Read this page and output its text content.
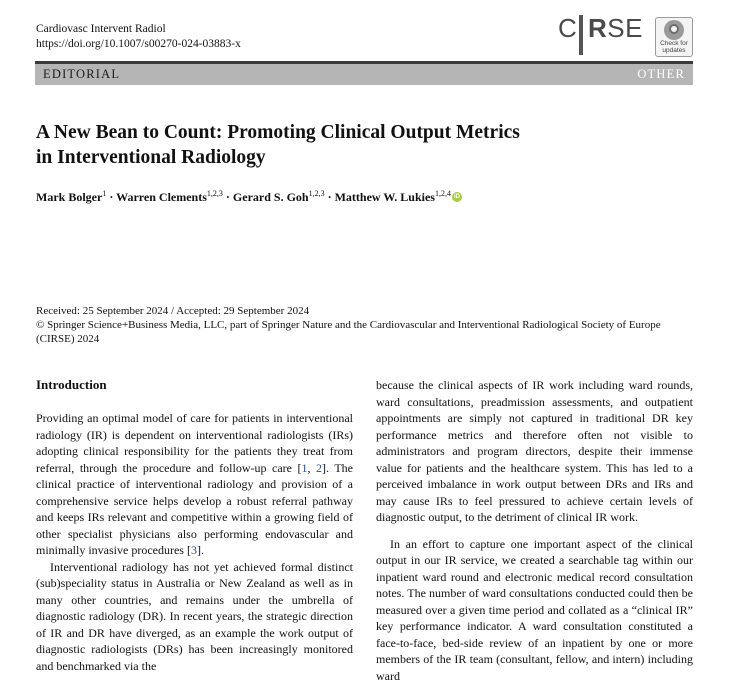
Cardiovasc Intervent Radiol
https://doi.org/10.1007/s00270-024-03883-x
C RSE
Check for
updates
EDITORIAL	OTHER
A New Bean to Count: Promoting Clinical Output Metrics
in Interventional Radiology
Mark Bolger$^1$ · Warren Clements$^{1,2,3}$ · Gerard S. Goh$^{1,2,3}$ · Matthew W. Lukies$^{1,2,4}$iD
Received: 25 September 2024 / Accepted: 29 September 2024
© Springer Science+Business Media, LLC, part of Springer Nature and the Cardiovascular and Interventional Radiological Society of Europe (CIRSE) 2024

Introduction

Providing an optimal model of care for patients in interventional radiology (IR) is dependent on interventional radiologists (IRs) adopting clinical responsibility for the patients they treat from referral, through the procedure and follow-up care [1, 2]. The clinical practice of interventional radiology and provision of a comprehensive service helps develop a robust referral pathway and keeps IRs relevant and competitive within a growing field of other specialist physicians also performing endovascular and minimally invasive procedures [3].

Interventional radiology has not yet achieved formal distinct (sub)speciality status in Australia or New Zealand as well as in many other countries, and remains under the umbrella of diagnostic radiology (DR). In recent years, the strategic direction of IR and DR have diverged, as an example the work output of diagnostic radiologists (DRs) has been increasingly monitored and benchmarked via the

because the clinical aspects of IR work including ward rounds, ward consultations, preadmission assessments, and outpatient appointments are simply not captured in traditional DR key performance metrics and therefore often not visible to administrators and program directors, despite their immense value for patients and the healthcare system. This has led to a perceived imbalance in work output between DRs and IRs and may cause IRs to feel pressured to achieve certain levels of diagnostic output, to the detriment of clinical IR work.

In an effort to capture one important aspect of the clinical output in our IR service, we created a searchable tag within our inpatient ward round and electronic medical record consultation notes. The number of ward consultations conducted could then be measured over a given time period and collated as a “clinical IR” key performance indicator. A ward consultation constituted a face-to-face, bed-side review of an inpatient by one or more members of the IR team (consultant, fellow, and intern) including ward
